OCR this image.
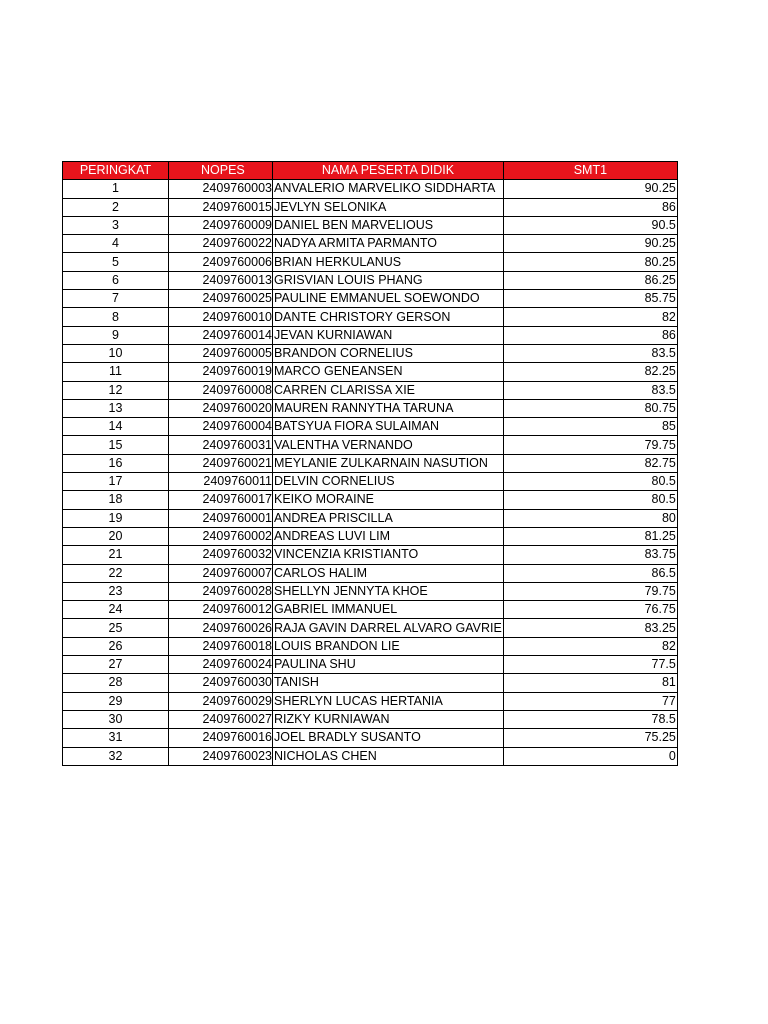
PERINGKAT	NOPES	NAMA PESERTA DIDIK	SMT1
1	2409760003	ANVALERIO MARVELIKO SIDDHARTA	90.25
2	2409760015	JEVLYN SELONIKA	86
3	2409760009	DANIEL BEN MARVELIOUS	90.5
4	2409760022	NADYA ARMITA PARMANTO	90.25
5	2409760006	BRIAN HERKULANUS	80.25
6	2409760013	GRISVIAN LOUIS PHANG	86.25
7	2409760025	PAULINE EMMANUEL SOEWONDO	85.75
8	2409760010	DANTE CHRISTORY GERSON	82
9	2409760014	JEVAN KURNIAWAN	86
10	2409760005	BRANDON CORNELIUS	83.5
11	2409760019	MARCO GENEANSEN	82.25
12	2409760008	CARREN CLARISSA XIE	83.5
13	2409760020	MAUREN RANNYTHA TARUNA	80.75
14	2409760004	BATSYUA FIORA SULAIMAN	85
15	2409760031	VALENTHA VERNANDO	79.75
16	2409760021	MEYLANIE ZULKARNAIN NASUTION	82.75
17	2409760011	DELVIN CORNELIUS	80.5
18	2409760017	KEIKO MORAINE	80.5
19	2409760001	ANDREA PRISCILLA	80
20	2409760002	ANDREAS LUVI LIM	81.25
21	2409760032	VINCENZIA KRISTIANTO	83.75
22	2409760007	CARLOS HALIM	86.5
23	2409760028	SHELLYN JENNYTA KHOE	79.75
24	2409760012	GABRIEL IMMANUEL	76.75
25	2409760026	RAJA GAVIN DARREL ALVARO GAVRIE	83.25
26	2409760018	LOUIS BRANDON LIE	82
27	2409760024	PAULINA SHU	77.5
28	2409760030	TANISH	81
29	2409760029	SHERLYN LUCAS HERTANIA	77
30	2409760027	RIZKY KURNIAWAN	78.5
31	2409760016	JOEL BRADLY SUSANTO	75.25
32	2409760023	NICHOLAS CHEN	0
